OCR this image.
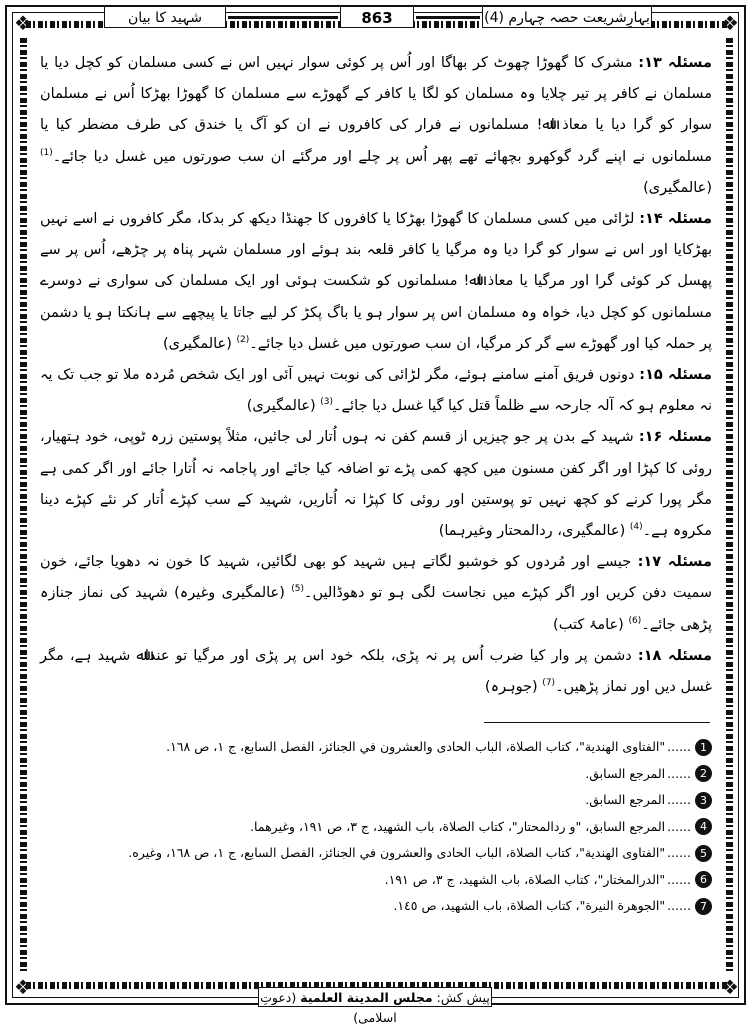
❖	❖
❖	❖
بہارِشریعت حصہ چہارم (4)
863
شہید کا بیان

مسئلہ ۱۳: مشرک کا گھوڑا چھوٹ کر بھاگا اور اُس پر کوئی سوار نہیں اس نے کسی مسلمان کو کچل دیا یا مسلمان نے کافر پر تیر چلایا وہ مسلمان کو لگا یا کافر کے گھوڑے سے مسلمان کا گھوڑا بھڑکا اُس نے مسلمان سوار کو گرا دیا یا معاذ اﷲ! مسلمانوں نے فرار کی کافروں نے ان کو آگ یا خندق کی طرف مضطر کیا یا مسلمانوں نے اپنے گرد گوکھرو بچھائے تھے پھر اُس پر چلے اور مرگئے ان سب صورتوں میں غسل دیا جائے۔$^{(1)}$ (عالمگیری)

مسئلہ ۱۴: لڑائی میں کسی مسلمان کا گھوڑا بھڑکا یا کافروں کا جھنڈا دیکھ کر بدکا، مگر کافروں نے اسے نہیں بھڑکایا اور اس نے سوار کو گرا دیا وہ مرگیا یا کافر قلعہ بند ہوئے اور مسلمان شہر پناہ پر چڑھے، اُس پر سے پھسل کر کوئی گرا اور مرگیا یا معاذ اﷲ! مسلمانوں کو شکست ہوئی اور ایک مسلمان کی سواری نے دوسرے مسلمانوں کو کچل دیا، خواہ وہ مسلمان اس پر سوار ہو یا باگ پکڑ کر لیے جاتا یا پیچھے سے ہانکتا ہو یا دشمن پر حملہ کیا اور گھوڑے سے گر کر مرگیا، ان سب صورتوں میں غسل دیا جائے۔$^{(2)}$ (عالمگیری)

مسئلہ ۱۵: دونوں فریق آمنے سامنے ہوئے، مگر لڑائی کی نوبت نہیں آئی اور ایک شخص مُردہ ملا تو جب تک یہ نہ معلوم ہو کہ آلہ جارحہ سے ظلماً قتل کیا گیا غسل دیا جائے۔$^{(3)}$ (عالمگیری)

مسئلہ ۱۶: شہید کے بدن پر جو چیزیں از قسم کفن نہ ہوں اُتار لی جائیں، مثلاً پوستین زرہ ٹوپی، خود ہتھیار، روئی کا کپڑا اور اگر کفن مسنون میں کچھ کمی پڑے تو اضافہ کیا جائے اور پاجامہ نہ اُتارا جائے اور اگر کمی ہے مگر پورا کرنے کو کچھ نہیں تو پوستین اور روئی کا کپڑا نہ اُتاریں، شہید کے سب کپڑے اُتار کر نئے کپڑے دینا مکروہ ہے۔$^{(4)}$ (عالمگیری، ردالمحتار وغیرہما)

مسئلہ ۱۷: جیسے اور مُردوں کو خوشبو لگاتے ہیں شہید کو بھی لگائیں، شہید کا خون نہ دھویا جائے، خون سمیت دفن کریں اور اگر کپڑے میں نجاست لگی ہو تو دھوڈالیں۔$^{(5)}$ (عالمگیری وغیرہ) شہید کی نماز جنازہ پڑھی جائے۔$^{(6)}$ (عامۂ کتب)

مسئلہ ۱۸: دشمن پر وار کیا ضرب اُس پر نہ پڑی، بلکہ خود اس پر پڑی اور مرگیا تو عنداﷲ شہید ہے، مگر غسل دیں اور نماز پڑھیں۔$^{(7)}$ (جوہرہ)

1
......
"الفتاوى الهندية"، كتاب الصلاة، الباب الحادى والعشرون في الجنائز، الفصل السابع، ج ١، ص ١٦٨.
2
......
المرجع السابق.
3
......
المرجع السابق.
4
......
المرجع السابق، "و ردالمحتار"، كتاب الصلاة، باب الشهيد، ج ٣، ص ١٩١، وغيرهما.
5
......
"الفتاوى الهندية"، كتاب الصلاة، الباب الحادى والعشرون في الجنائز، الفصل السابع، ج ١، ص ١٦٨، وغيره.
6
......
"الدرالمختار"، كتاب الصلاة، باب الشهيد، ج ٣، ص ١٩١.
7
......
"الجوهرة النيرة"، كتاب الصلاة، باب الشهيد، ص ١٤٥.
پیش کش: مجلس المدينة العلمية (دعوتِ اسلامی)
